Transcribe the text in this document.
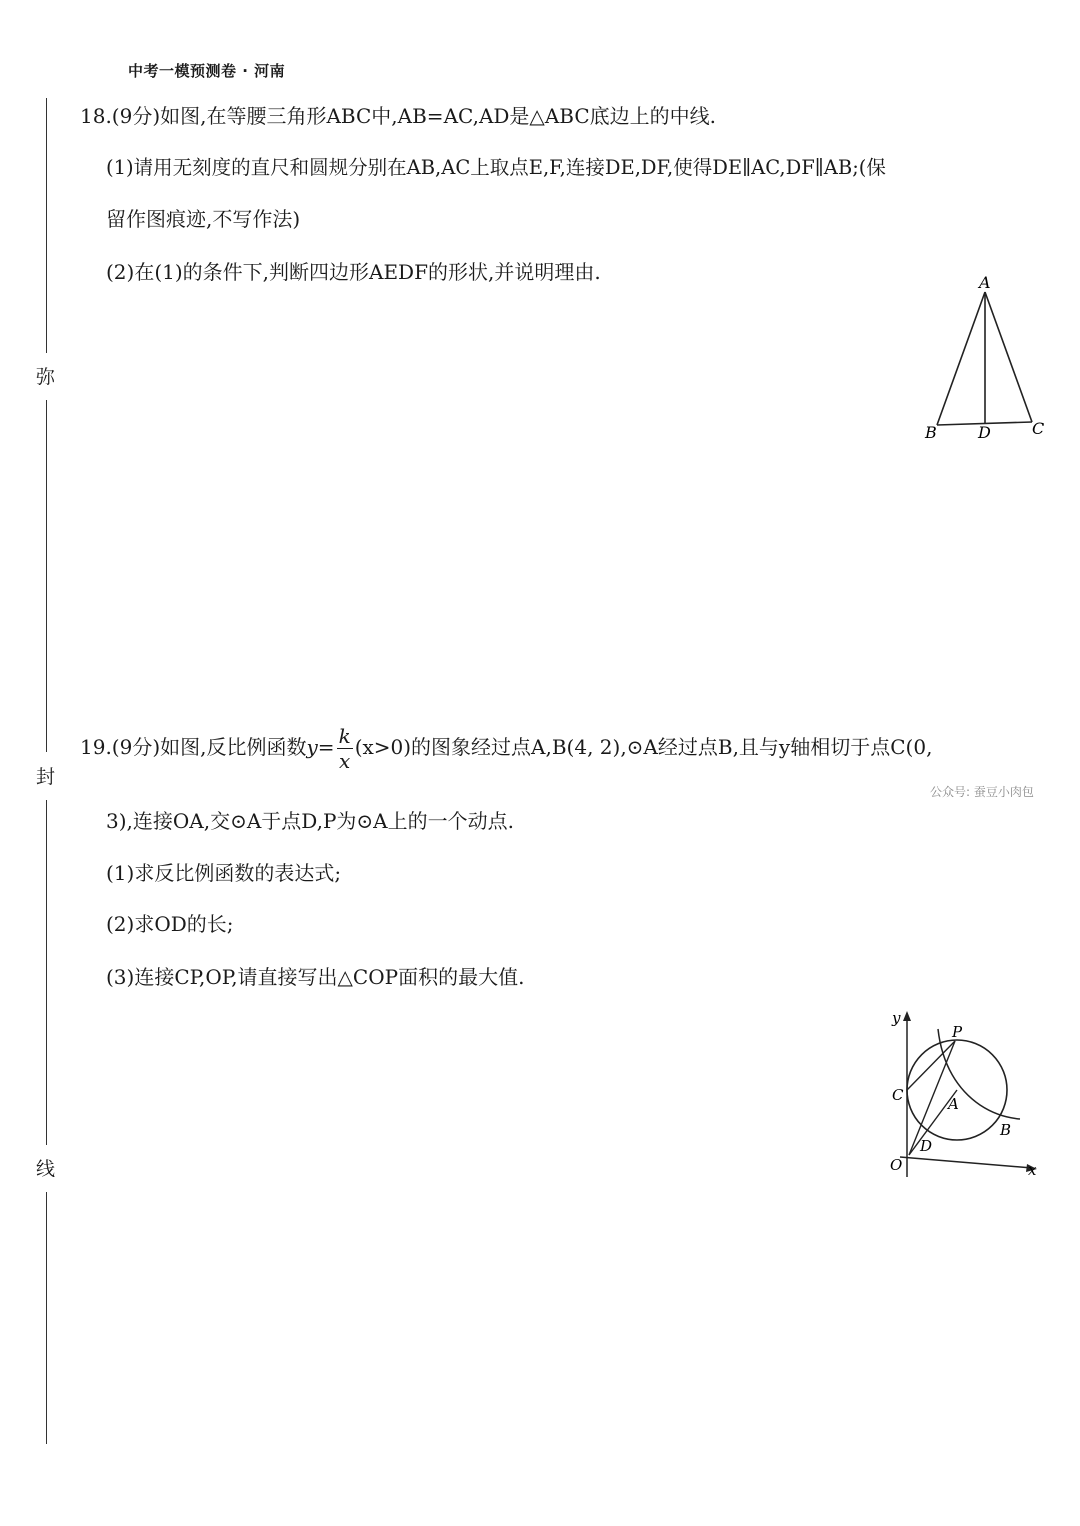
中考一模预测卷 · 河南
弥
封
线
18.(9分)如图,在等腰三角形ABC中,AB=AC,AD是△ABC底边上的中线.
(1)请用无刻度的直尺和圆规分别在AB,AC上取点E,F,连接DE,DF,使得DE∥AC,DF∥AB;(保
留作图痕迹,不写作法)
(2)在(1)的条件下,判断四边形AEDF的形状,并说明理由.	A
B	D	C
19.(9分)如图,反比例函数$y= \frac{k}{x} (x>0)$的图象经过点A,B(4, 2),⊙A经过点B,且与y轴相切于点C(0,
公众号: 蚕豆小肉包
3),连接OA,交⊙A于点D,P为⊙A上的一个动点.
(1)求反比例函数的表达式;
(2)求OD的长;
(3)连接CP,OP,请直接写出△COP面积的最大值.
y
P
C	A
B
D
O	x
